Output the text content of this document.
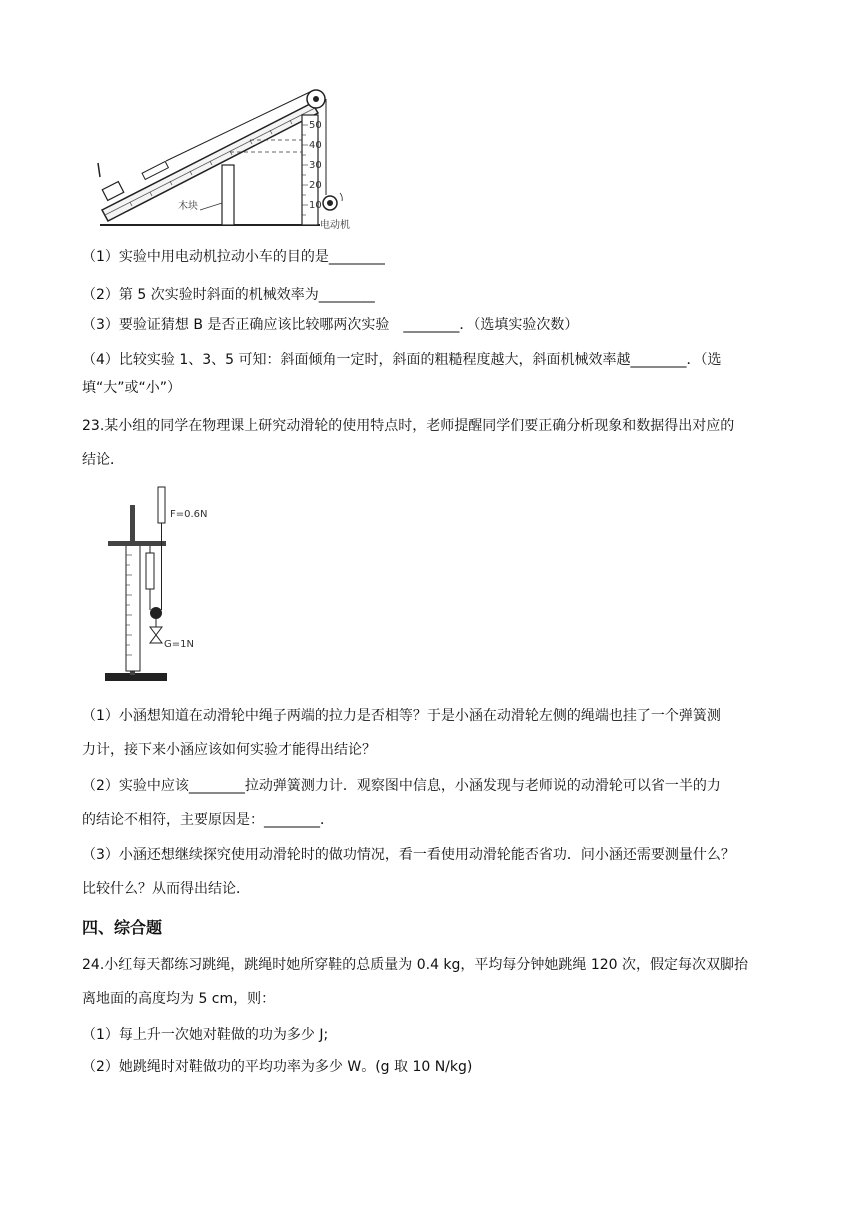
50
40
30
20
10
木块
电动机
（1）实验中用电动机拉动小车的目的是________
（2）第 5 次实验时斜面的机械效率为________
（3）要验证猜想 B 是否正确应该比较哪两次实验　________．（选填实验次数）
（4）比较实验 1、3、5 可知：斜面倾角一定时，斜面的粗糙程度越大，斜面机械效率越________．（选
填“大”或“小”）
23.某小组的同学在物理课上研究动滑轮的使用特点时，老师提醒同学们要正确分析现象和数据得出对应的
结论．
F=0.6N
G=1N
（1）小涵想知道在动滑轮中绳子两端的拉力是否相等？于是小涵在动滑轮左侧的绳端也挂了一个弹簧测
力计，接下来小涵应该如何实验才能得出结论？
（2）实验中应该________拉动弹簧测力计．观察图中信息，小涵发现与老师说的动滑轮可以省一半的力
的结论不相符，主要原因是：________．
（3）小涵还想继续探究使用动滑轮时的做功情况，看一看使用动滑轮能否省功．问小涵还需要测量什么？
比较什么？从而得出结论．
四、综合题
24.小红每天都练习跳绳，跳绳时她所穿鞋的总质量为 0.4 kg，平均每分钟她跳绳 120 次，假定每次双脚抬
离地面的高度均为 5 cm，则：
（1）每上升一次她对鞋做的功为多少 J;
（2）她跳绳时对鞋做功的平均功率为多少 W。(g 取 10 N/kg)
